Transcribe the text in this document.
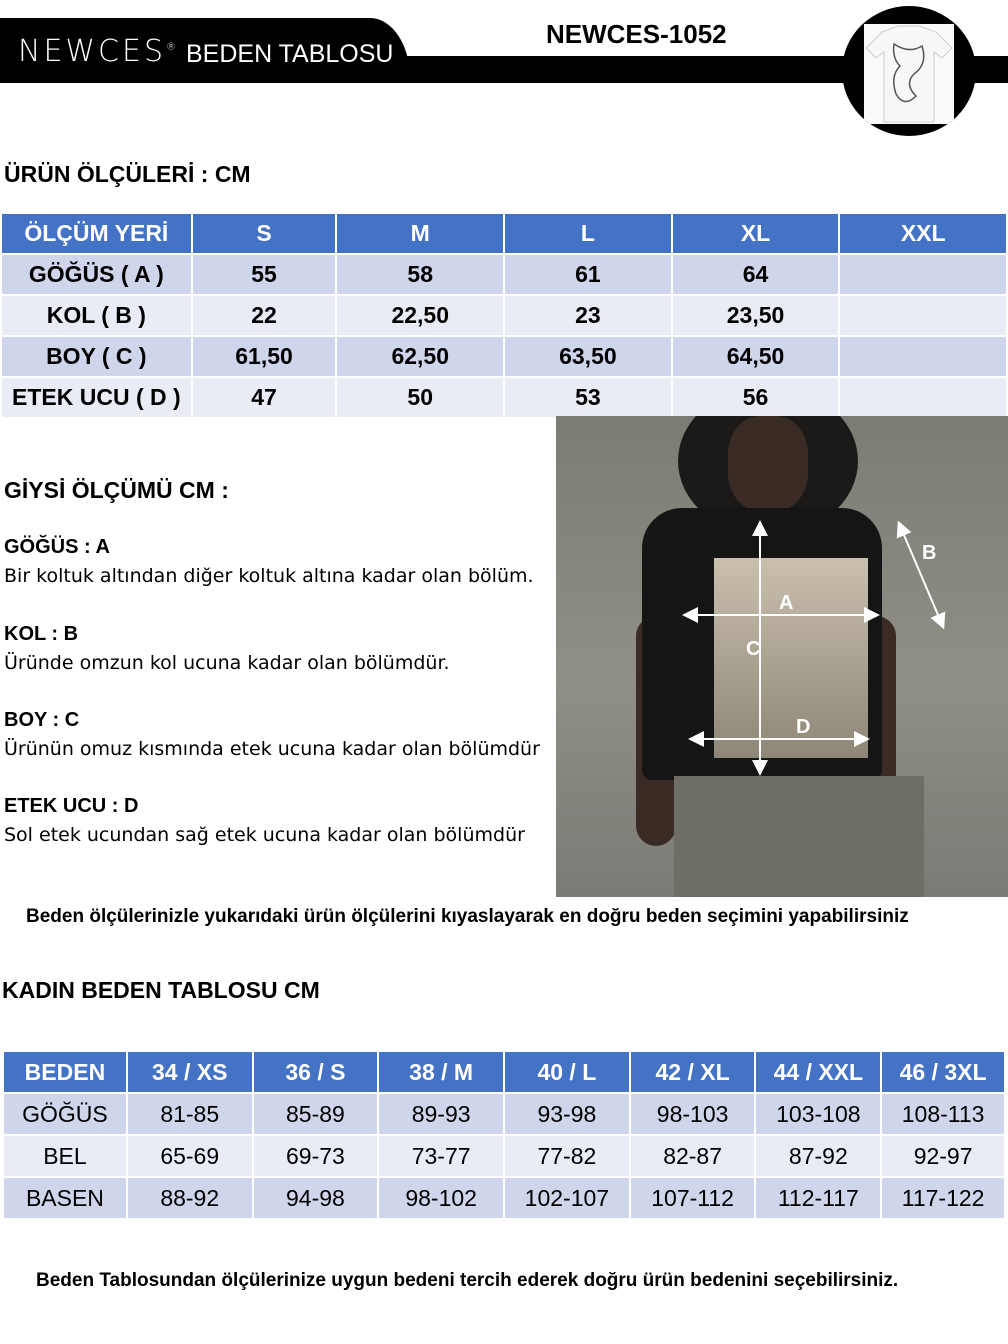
NEWCES® BEDEN TABLOSU
NEWCES-1052
ÜRÜN ÖLÇÜLERİ : CM
ÖLÇÜM YERİ	S	M	L	XL	XXL
GÖĞÜS ( A )	55	58	61	64	
KOL ( B )	22	22,50	23	23,50	
BOY ( C )	61,50	62,50	63,50	64,50	
ETEK UCU ( D )	47	50	53	56	
A
B
C
D
GİYSİ ÖLÇÜMÜ CM :
GÖĞÜS : A
Bir koltuk altından diğer koltuk altına kadar olan bölüm.
KOL : B
Üründe omzun kol ucuna kadar olan bölümdür.
BOY : C
Ürünün omuz kısmında etek ucuna kadar olan bölümdür
ETEK UCU : D
Sol etek ucundan sağ etek ucuna kadar olan bölümdür
Beden ölçülerinizle yukarıdaki ürün ölçülerini kıyaslayarak en doğru beden seçimini yapabilirsiniz
KADIN BEDEN TABLOSU CM
BEDEN	34 / XS	36 / S	38 / M	40 / L	42 / XL	44 / XXL	46 / 3XL
GÖĞÜS	81-85	85-89	89-93	93-98	98-103	103-108	108-113
BEL	65-69	69-73	73-77	77-82	82-87	87-92	92-97
BASEN	88-92	94-98	98-102	102-107	107-112	112-117	117-122
Beden Tablosundan ölçülerinize uygun bedeni tercih ederek doğru ürün bedenini seçebilirsiniz.
